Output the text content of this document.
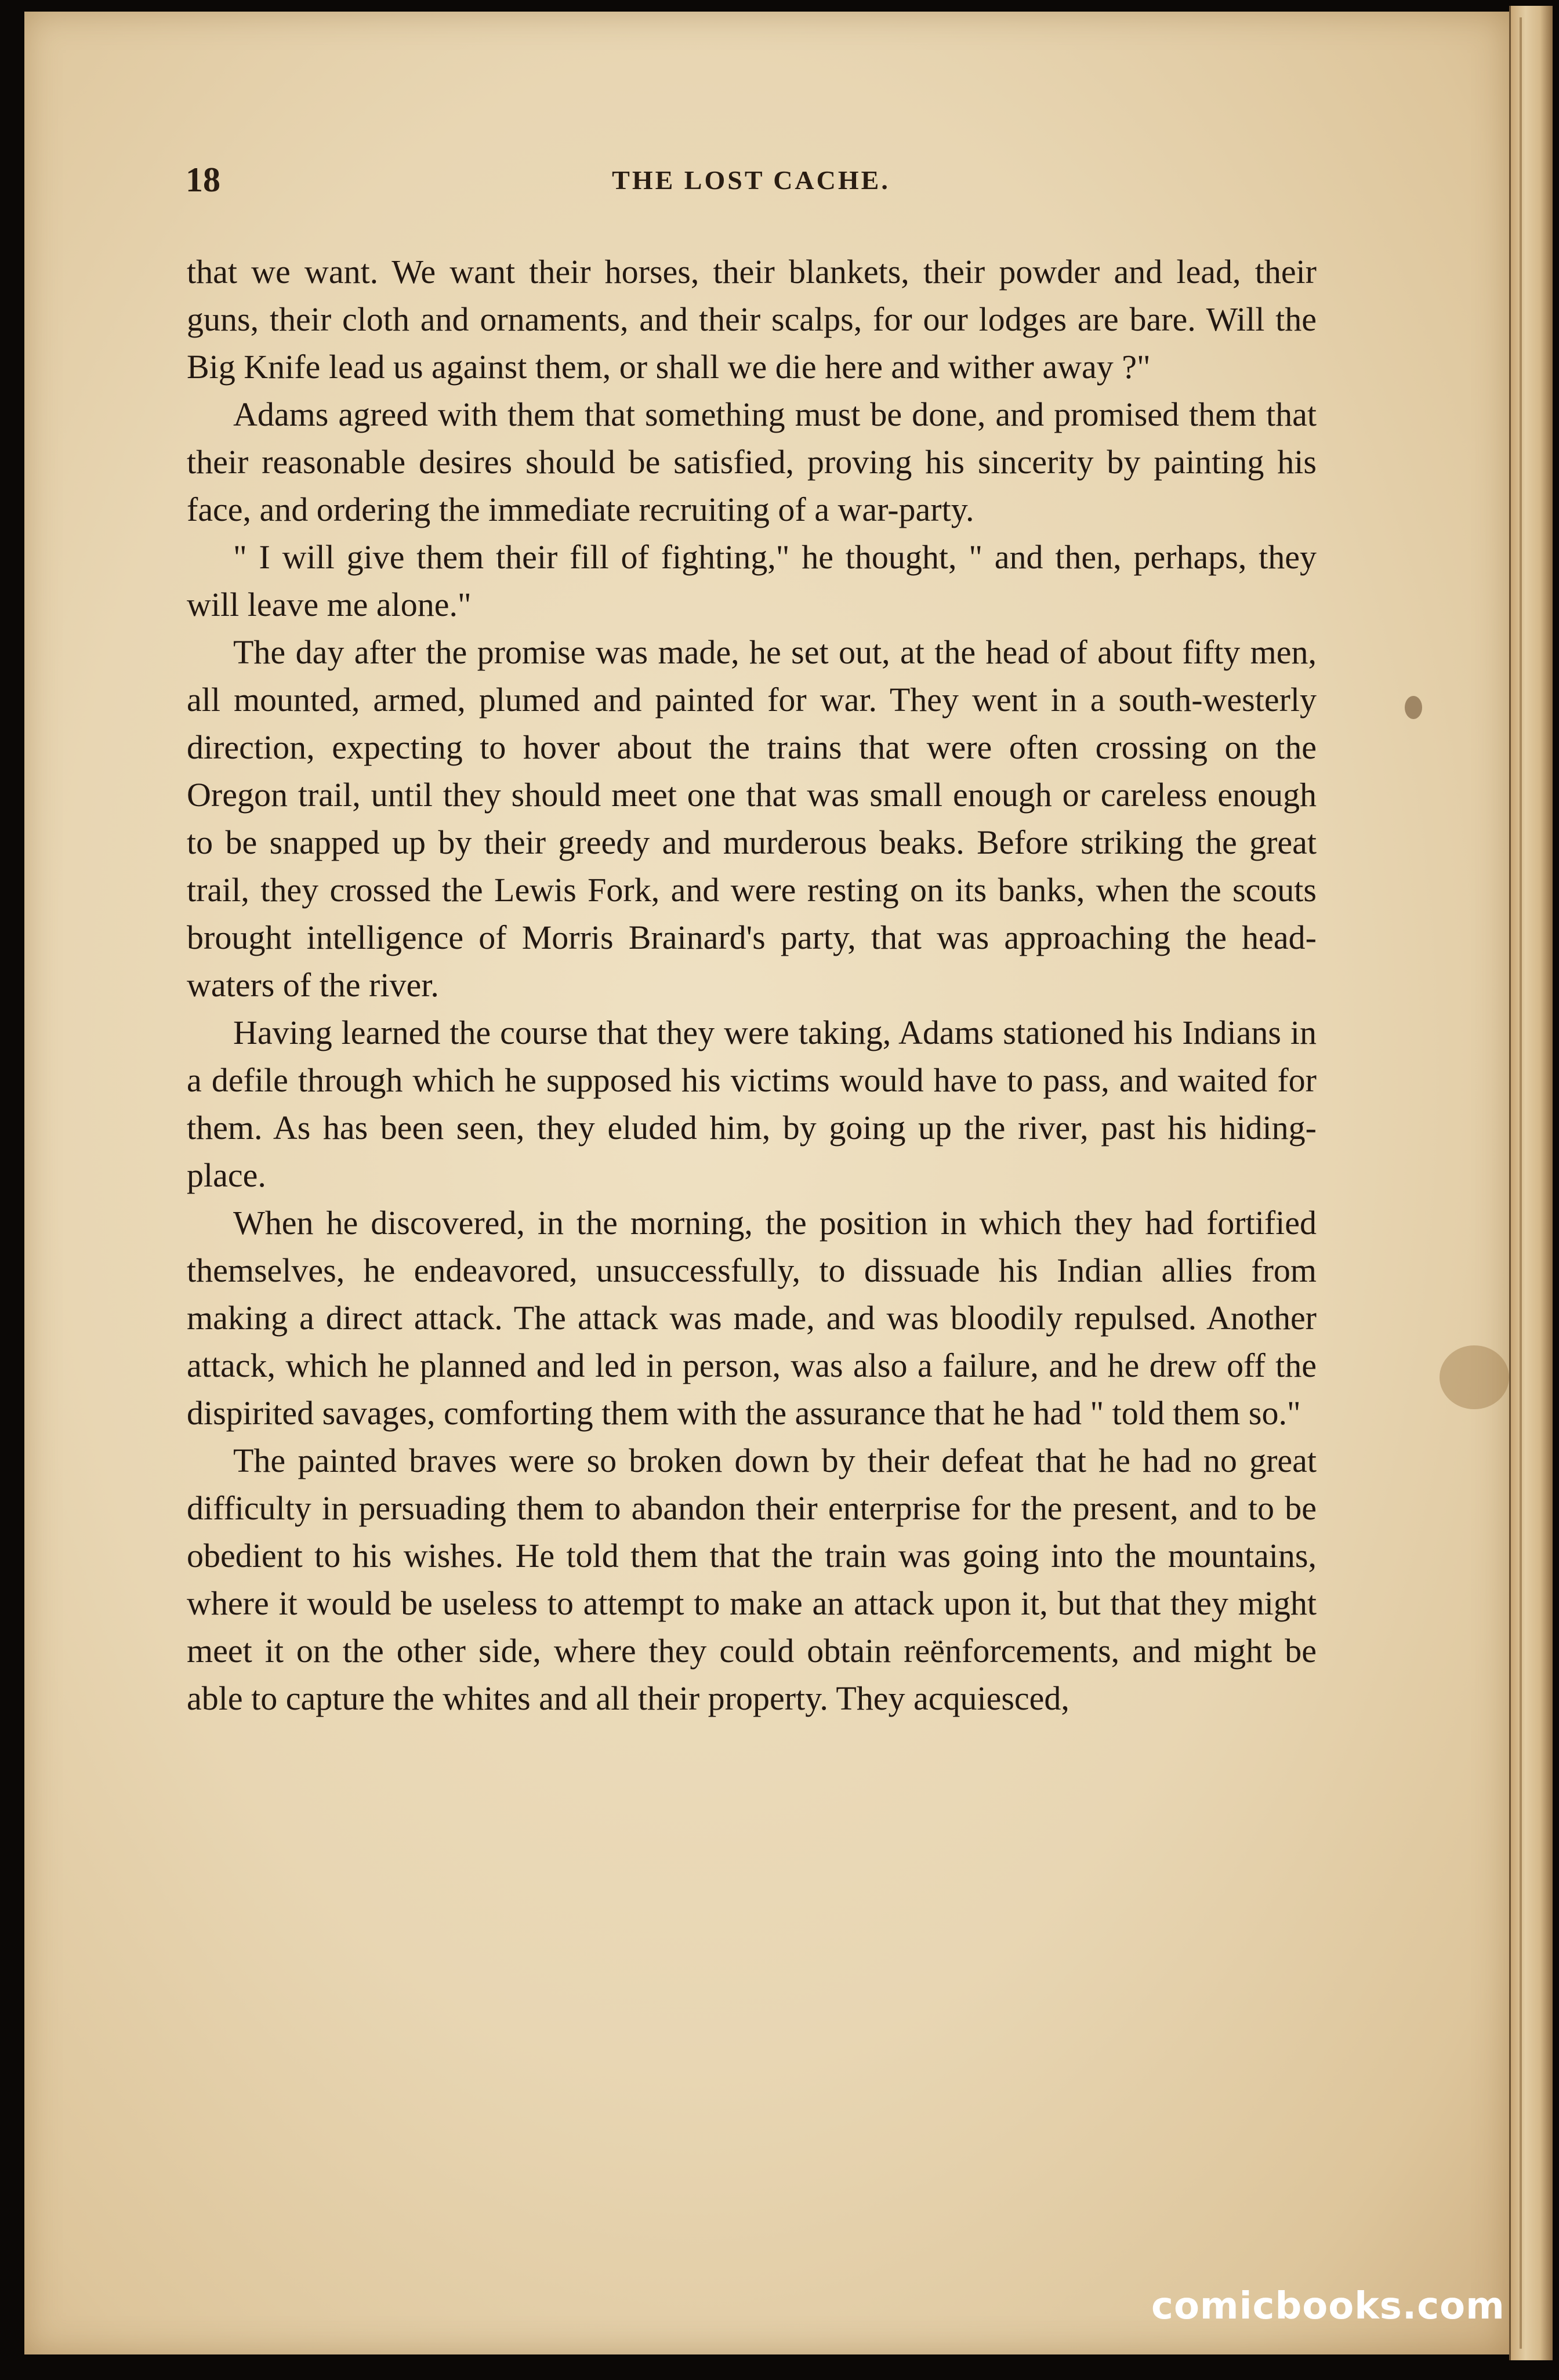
18	THE LOST CACHE.

that we want. We want their horses, their blankets, their powder and lead, their guns, their cloth and ornaments, and their scalps, for our lodges are bare. Will the Big Knife lead us against them, or shall we die here and wither away ?"

Adams agreed with them that something must be done, and promised them that their reasonable desires should be satisfied, proving his sincerity by painting his face, and ordering the immediate recruiting of a war-party.

" I will give them their fill of fighting," he thought, " and then, perhaps, they will leave me alone."

The day after the promise was made, he set out, at the head of about fifty men, all mounted, armed, plumed and painted for war. They went in a south-westerly direction, expecting to hover about the trains that were often crossing on the Oregon trail, until they should meet one that was small enough or careless enough to be snapped up by their greedy and murderous beaks. Before striking the great trail, they crossed the Lewis Fork, and were resting on its banks, when the scouts brought intelligence of Morris Brainard's party, that was approaching the head-waters of the river.

Having learned the course that they were taking, Adams stationed his Indians in a defile through which he supposed his victims would have to pass, and waited for them. As has been seen, they eluded him, by going up the river, past his hiding-place.

When he discovered, in the morning, the position in which they had fortified themselves, he endeavored, unsuccessfully, to dissuade his Indian allies from making a direct attack. The attack was made, and was bloodily repulsed. Another attack, which he planned and led in person, was also a failure, and he drew off the dispirited savages, comforting them with the assurance that he had " told them so."

The painted braves were so broken down by their defeat that he had no great difficulty in persuading them to abandon their enterprise for the present, and to be obedient to his wishes. He told them that the train was going into the mountains, where it would be useless to attempt to make an attack upon it, but that they might meet it on the other side, where they could obtain reënforcements, and might be able to capture the whites and all their property. They acquiesced,

comicbooks.com
